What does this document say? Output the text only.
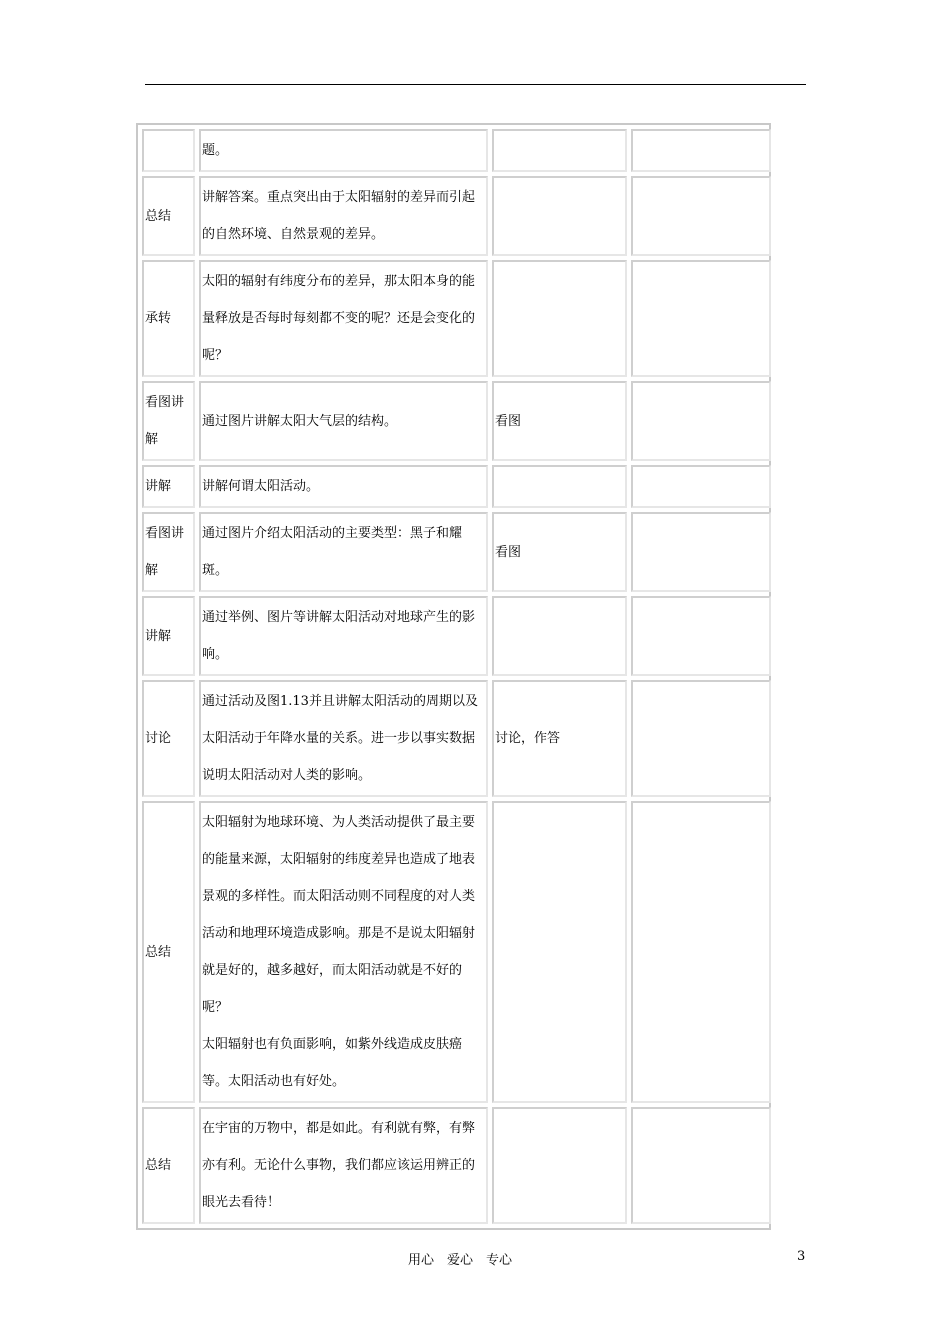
	题。		
总结	讲解答案。重点突出由于太阳辐射的差异而引起的自然环境、自然景观的差异。		
承转	太阳的辐射有纬度分布的差异，那太阳本身的能量释放是否每时每刻都不变的呢？还是会变化的呢？		
看图讲解	通过图片讲解太阳大气层的结构。	看图	
讲解	讲解何谓太阳活动。		
看图讲解	通过图片介绍太阳活动的主要类型：黑子和耀斑。	看图	
讲解	通过举例、图片等讲解太阳活动对地球产生的影响。		
讨论	通过活动及图1.13并且讲解太阳活动的周期以及太阳活动于年降水量的关系。进一步以事实数据说明太阳活动对人类的影响。	讨论，作答	
总结	太阳辐射为地球环境、为人类活动提供了最主要的能量来源，太阳辐射的纬度差异也造成了地表景观的多样性。而太阳活动则不同程度的对人类活动和地理环境造成影响。那是不是说太阳辐射就是好的，越多越好，而太阳活动就是不好的呢？
太阳辐射也有负面影响，如紫外线造成皮肤癌等。太阳活动也有好处。		

总结	在宇宙的万物中，都是如此。有利就有弊，有弊亦有利。无论什么事物，我们都应该运用辨正的眼光去看待！		
用心　爱心　专心	3
